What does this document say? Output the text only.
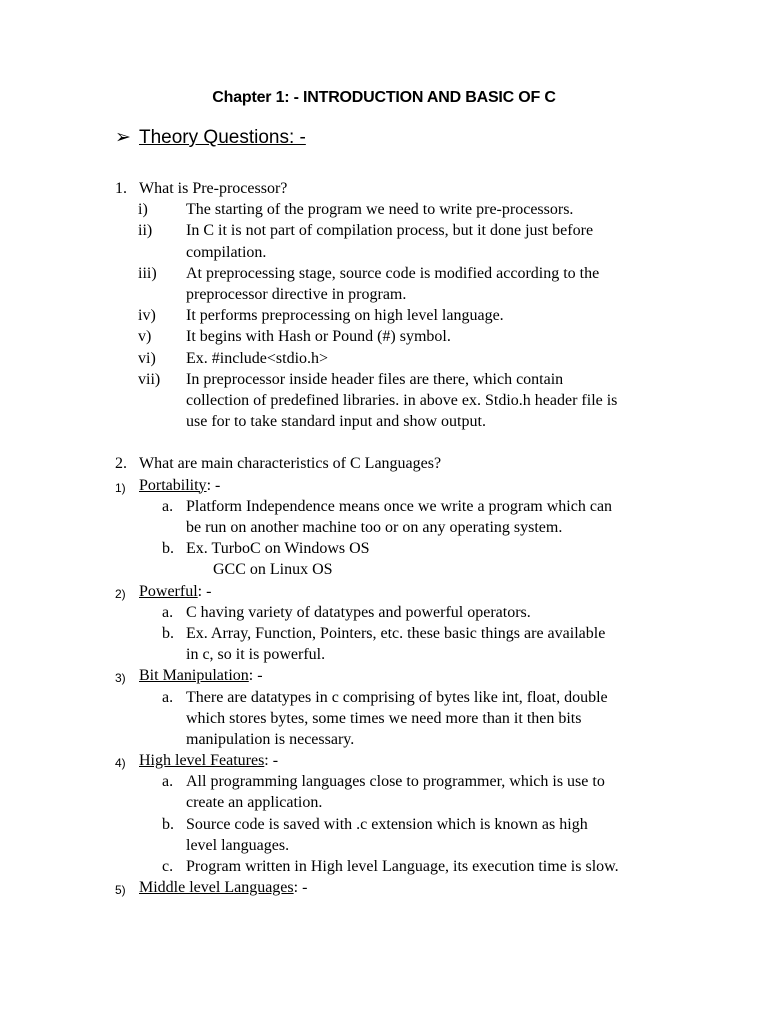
Chapter 1: - INTRODUCTION AND BASIC OF C
➢ Theory Questions: -
1. What is Pre-processor?
i) The starting of the program we need to write pre-processors.
ii) In C it is not part of compilation process, but it done just before
compilation.
iii) At preprocessing stage, source code is modified according to the
preprocessor directive in program.
iv) It performs preprocessing on high level language.
v) It begins with Hash or Pound (#) symbol.
vi) Ex. #include<stdio.h>
vii) In preprocessor inside header files are there, which contain
collection of predefined libraries. in above ex. Stdio.h header file is
use for to take standard input and show output.
2. What are main characteristics of C Languages?
1) Portability: -
a. Platform Independence means once we write a program which can
be run on another machine too or on any operating system.
b. Ex. TurboC on Windows OS
GCC on Linux OS
2) Powerful: -
a. C having variety of datatypes and powerful operators.
b. Ex. Array, Function, Pointers, etc. these basic things are available
in c, so it is powerful.
3) Bit Manipulation: -
a. There are datatypes in c comprising of bytes like int, float, double
which stores bytes, some times we need more than it then bits
manipulation is necessary.
4) High level Features: -
a. All programming languages close to programmer, which is use to
create an application.
b. Source code is saved with .c extension which is known as high
level languages.
c. Program written in High level Language, its execution time is slow.
5) Middle level Languages: -
